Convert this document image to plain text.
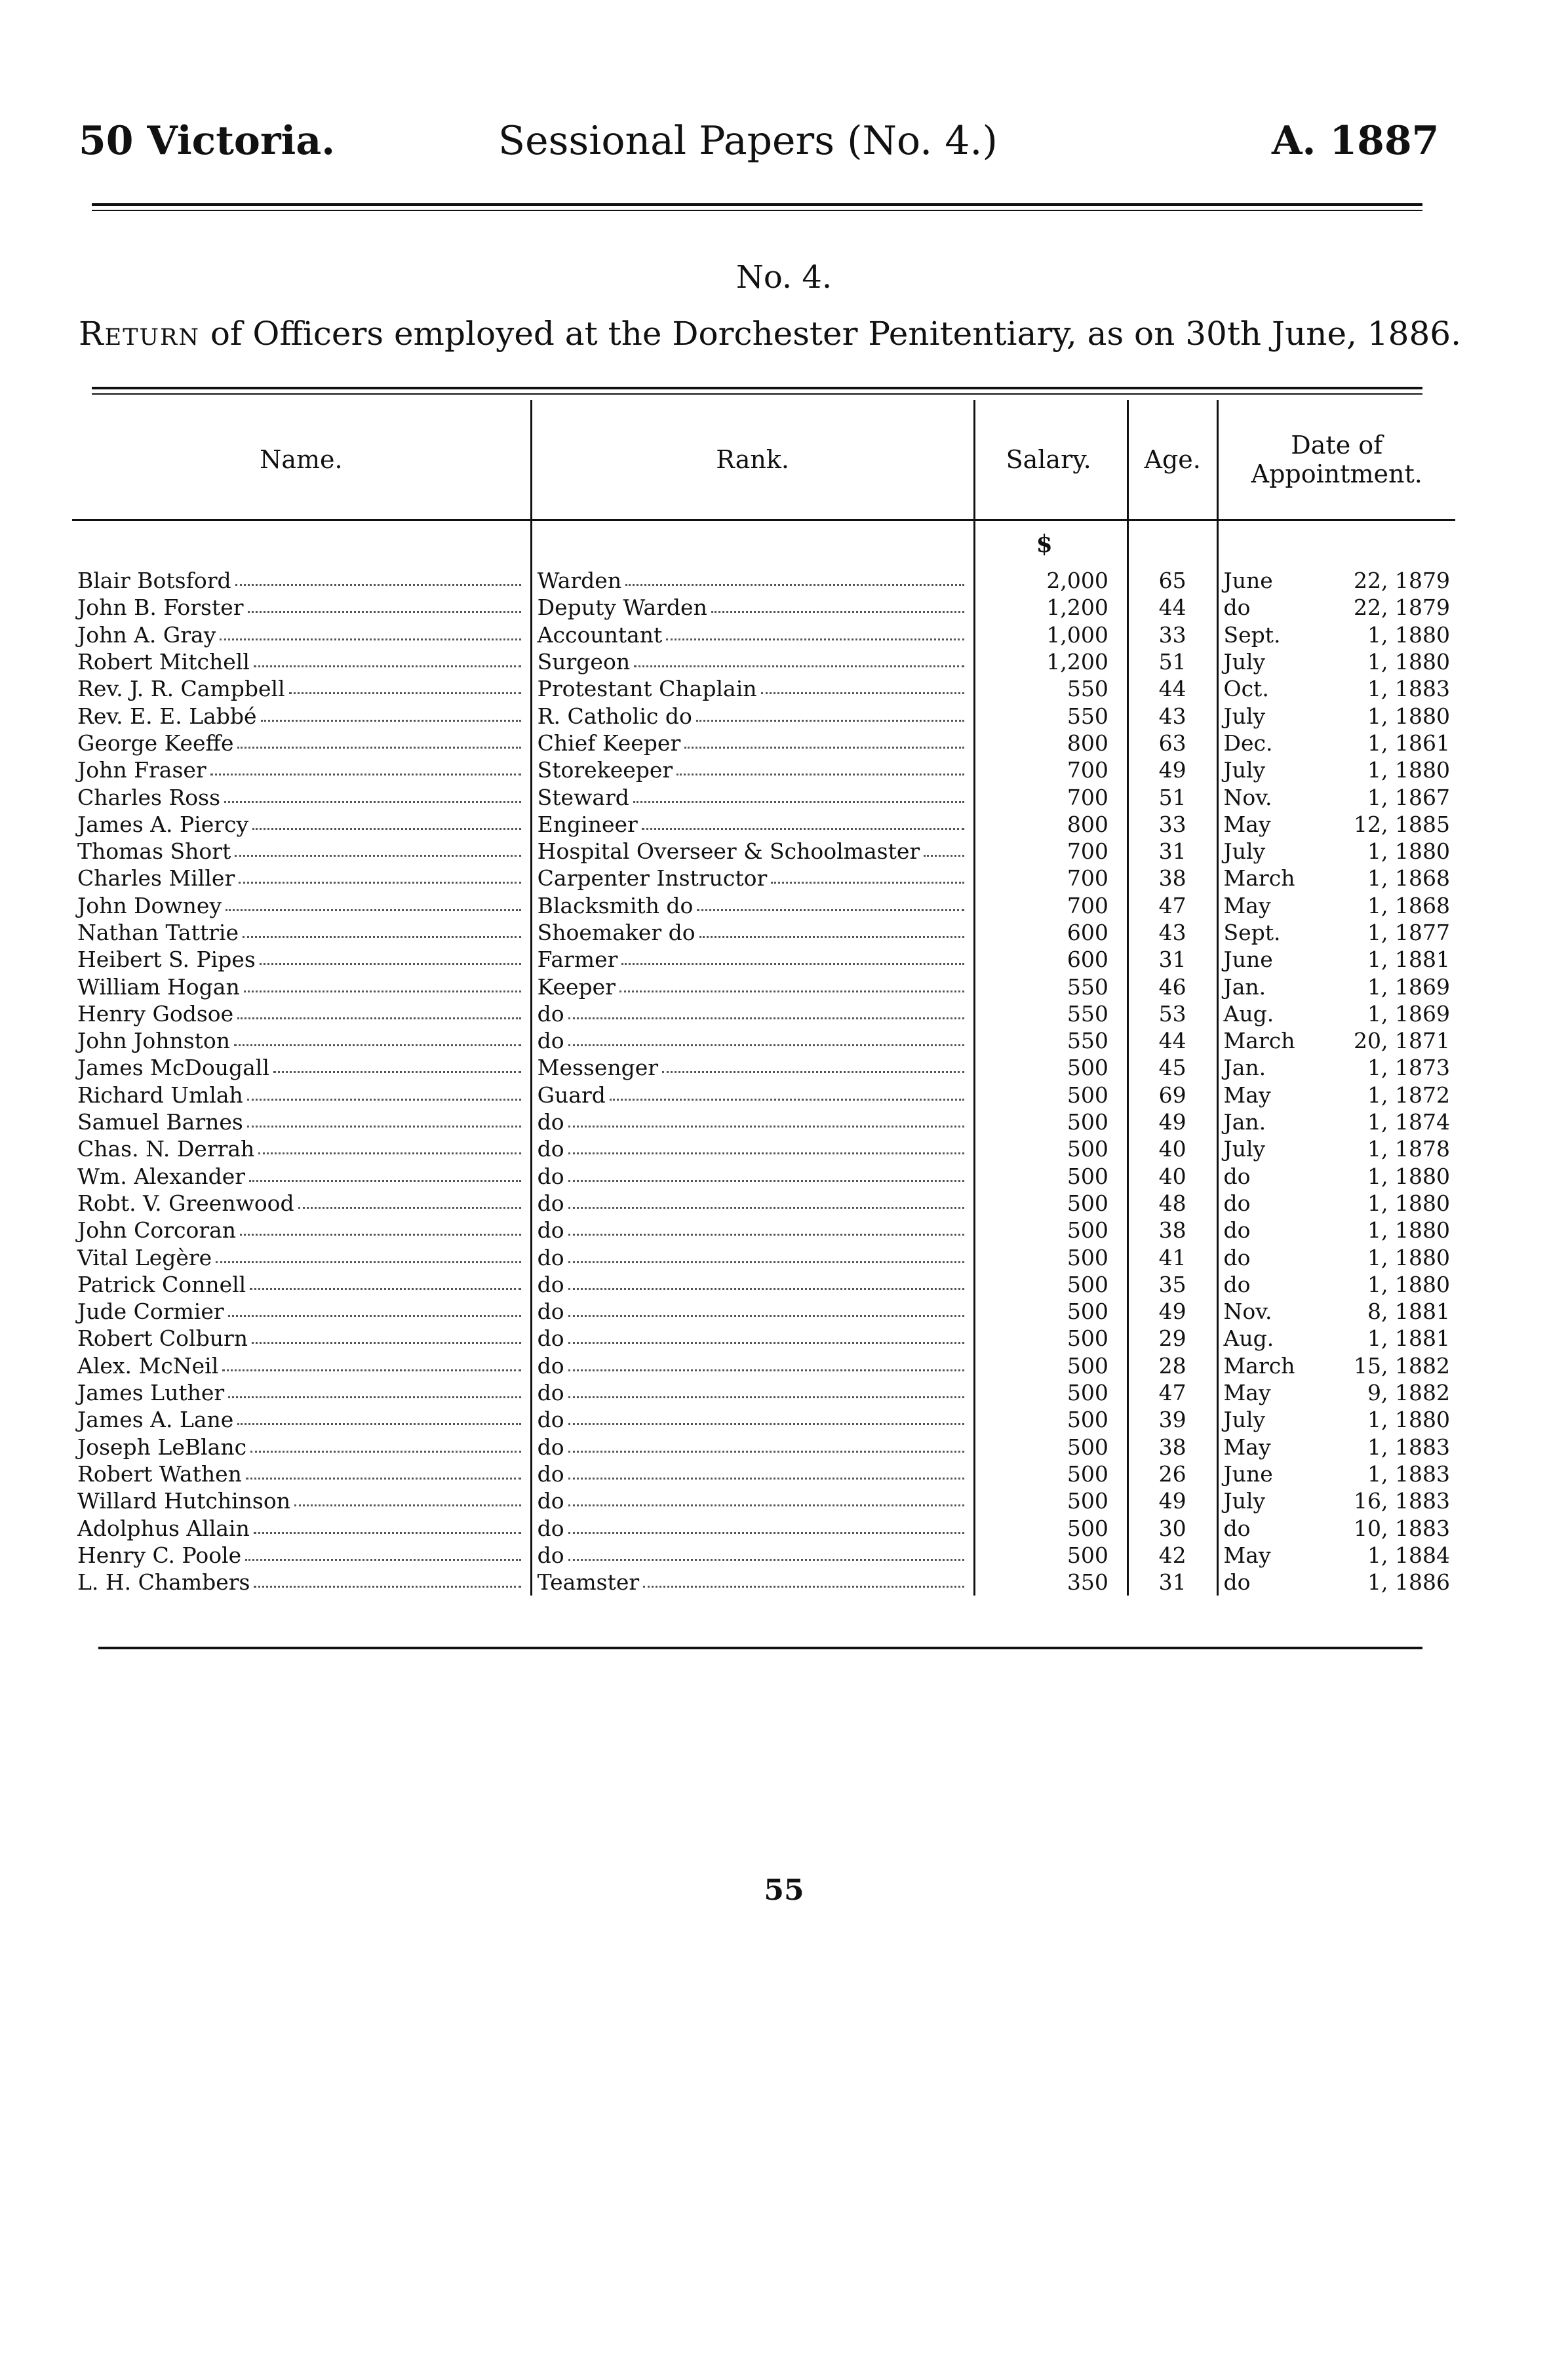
50 Victoria.	Sessional Papers (No. 4.)	A. 1887
No. 4.
Return of Officers employed at the Dorchester Penitentiary, as on 30th June, 1886.
Name.	Rank.	Salary.	Age.	Date of Appointment.
		$		

Blair Botsford	Warden	2,000	65	June 22, 1879

John B. Forster	Deputy Warden	1,200	44	do 22, 1879

John A. Gray	Accountant	1,000	33	Sept. 1, 1880

Robert Mitchell	Surgeon	1,200	51	July 1, 1880

Rev. J. R. Campbell	Protestant Chaplain	550	44	Oct. 1, 1883

Rev. E. E. Labbé	R. Catholic do	550	43	July 1, 1880

George Keeffe	Chief Keeper	800	63	Dec. 1, 1861

John Fraser	Storekeeper	700	49	July 1, 1880

Charles Ross	Steward	700	51	Nov. 1, 1867

James A. Piercy	Engineer	800	33	May 12, 1885

Thomas Short	Hospital Overseer & Schoolmaster	700	31	July 1, 1880

Charles Miller	Carpenter Instructor	700	38	March 1, 1868

John Downey	Blacksmith do	700	47	May 1, 1868

Nathan Tattrie	Shoemaker do	600	43	Sept. 1, 1877

Heibert S. Pipes	Farmer	600	31	June 1, 1881

William Hogan	Keeper	550	46	Jan. 1, 1869

Henry Godsoe	do	550	53	Aug. 1, 1869

John Johnston	do	550	44	March 20, 1871

James McDougall	Messenger	500	45	Jan. 1, 1873

Richard Umlah	Guard	500	69	May 1, 1872

Samuel Barnes	do	500	49	Jan. 1, 1874

Chas. N. Derrah	do	500	40	July 1, 1878

Wm. Alexander	do	500	40	do 1, 1880

Robt. V. Greenwood	do	500	48	do 1, 1880

John Corcoran	do	500	38	do 1, 1880

Vital Legère	do	500	41	do 1, 1880

Patrick Connell	do	500	35	do 1, 1880

Jude Cormier	do	500	49	Nov. 8, 1881

Robert Colburn	do	500	29	Aug. 1, 1881

Alex. McNeil	do	500	28	March 15, 1882

James Luther	do	500	47	May 9, 1882

James A. Lane	do	500	39	July 1, 1880

Joseph LeBlanc	do	500	38	May 1, 1883

Robert Wathen	do	500	26	June 1, 1883

Willard Hutchinson	do	500	49	July 16, 1883

Adolphus Allain	do	500	30	do 10, 1883

Henry C. Poole	do	500	42	May 1, 1884

L. H. Chambers	Teamster	350	31	do 1, 1886
55
